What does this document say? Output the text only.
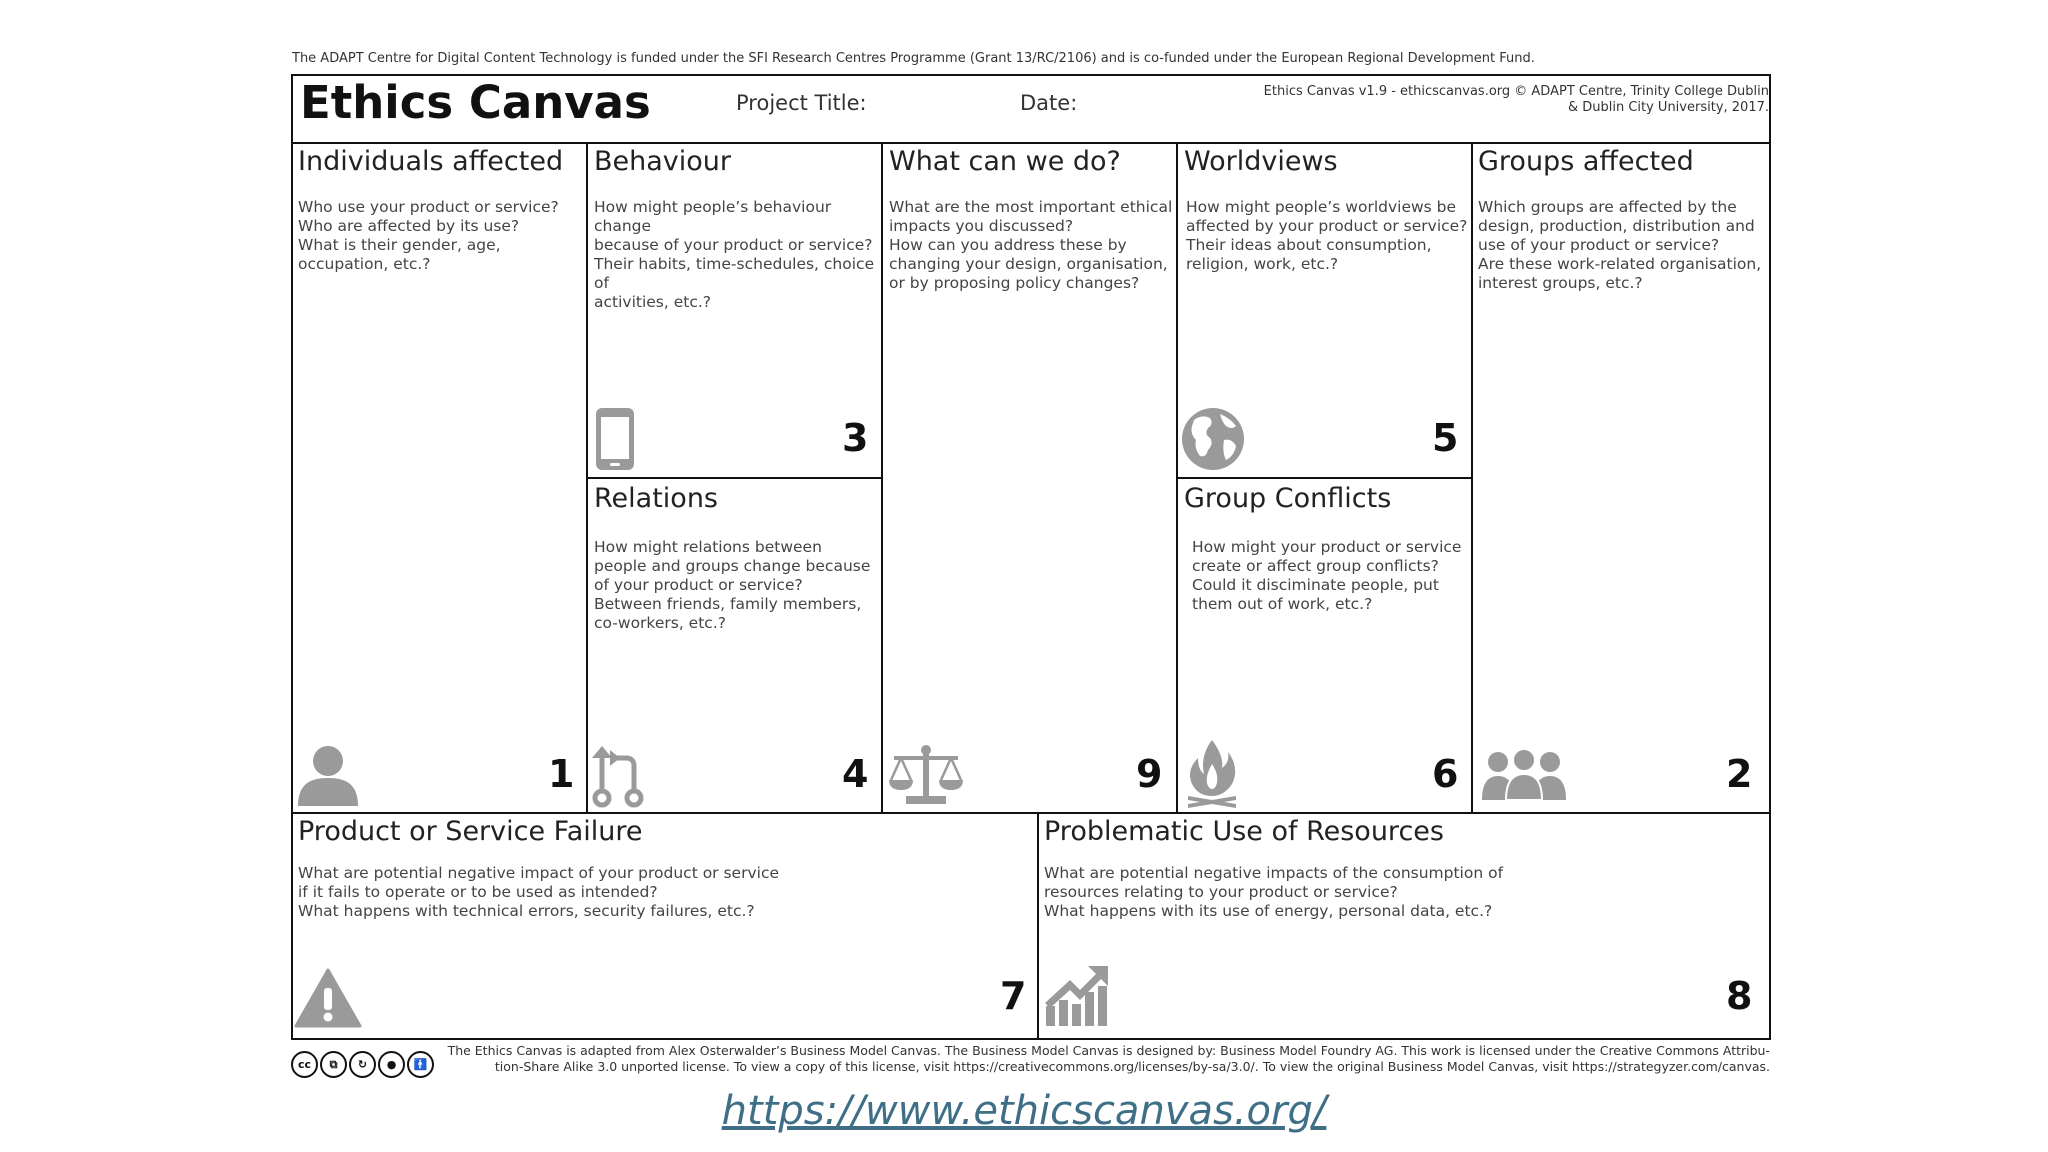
The ADAPT Centre for Digital Content Technology is funded under the SFI Research Centres Programme (Grant 13/RC/2106) and is co-funded under the European Regional Development Fund.
Ethics Canvas	Project Title:	Date:	Ethics Canvas v1.9 - ethicscanvas.org © ADAPT Centre, Trinity College Dublin
& Dublin City University, 2017.
Individuals affected
Who use your product or service?
Who are affected by its use?
What is their gender, age,
occupation, etc.?
1
Behaviour
How might people’s behaviour change
because of your product or service?
Their habits, time-schedules, choice of
activities, etc.?
3
Relations
How might relations between
people and groups change because
of your product or service?
Between friends, family members,
co-workers, etc.?
4
What can we do?
What are the most important ethical
impacts you discussed?
How can you address these by
changing your design, organisation,
or by proposing policy changes?
9
Worldviews
How might people’s worldviews be
affected by your product or service?
Their ideas about consumption,
religion, work, etc.?
5
Group Conflicts
How might your product or service
create or affect group conflicts?
Could it disciminate people, put
them out of work, etc.?
6
Groups affected
Which groups are affected by the
design, production, distribution and
use of your product or service?
Are these work-related organisation,
interest groups, etc.?
2
Product or Service Failure
What are potential negative impact of your product or service
if it fails to operate or to be used as intended?
What happens with technical errors, security failures, etc.?
7
Problematic Use of Resources
What are potential negative impacts of the consumption of
resources relating to your product or service?
What happens with its use of energy, personal data, etc.?
8
cc	⧉	↻	●	🚹
The Ethics Canvas is adapted from Alex Osterwalder’s Business Model Canvas. The Business Model Canvas is designed by: Business Model Foundry AG. This work is licensed under the Creative Commons Attribu-
tion-Share Alike 3.0 unported license. To view a copy of this license, visit https://creativecommons.org/licenses/by-sa/3.0/. To view the original Business Model Canvas, visit https://strategyzer.com/canvas.
https://www.ethicscanvas.org/
